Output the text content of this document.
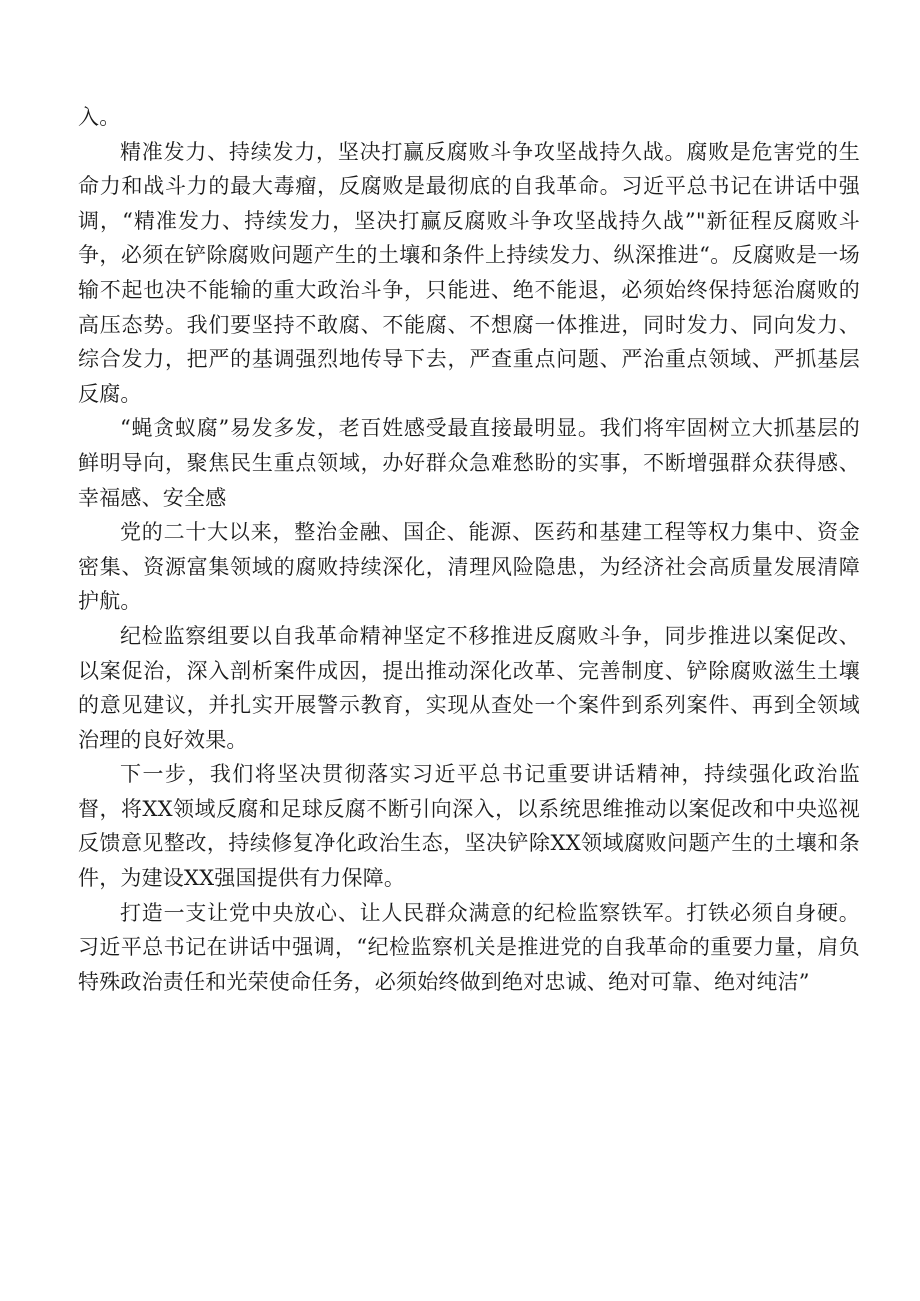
入。

精准发力、持续发力，坚决打赢反腐败斗争攻坚战持久战。腐败是危害党的生命力和战斗力的最大毒瘤，反腐败是最彻底的自我革命。习近平总书记在讲话中强调，“精准发力、持续发力，坚决打赢反腐败斗争攻坚战持久战”"新征程反腐败斗争，必须在铲除腐败问题产生的土壤和条件上持续发力、纵深推进“。反腐败是一场输不起也决不能输的重大政治斗争，只能进、绝不能退，必须始终保持惩治腐败的高压态势。我们要坚持不敢腐、不能腐、不想腐一体推进，同时发力、同向发力、综合发力，把严的基调强烈地传导下去，严查重点问题、严治重点领域、严抓基层反腐。

“蝇贪蚁腐”易发多发，老百姓感受最直接最明显。我们将牢固树立大抓基层的鲜明导向，聚焦民生重点领域，办好群众急难愁盼的实事，不断增强群众获得感、幸福感、安全感

党的二十大以来，整治金融、国企、能源、医药和基建工程等权力集中、资金密集、资源富集领域的腐败持续深化，清理风险隐患，为经济社会高质量发展清障护航。

纪检监察组要以自我革命精神坚定不移推进反腐败斗争，同步推进以案促改、以案促治，深入剖析案件成因，提出推动深化改革、完善制度、铲除腐败滋生土壤的意见建议，并扎实开展警示教育，实现从查处一个案件到系列案件、再到全领域治理的良好效果。

下一步，我们将坚决贯彻落实习近平总书记重要讲话精神，持续强化政治监督，将XX领域反腐和足球反腐不断引向深入，以系统思维推动以案促改和中央巡视反馈意见整改，持续修复净化政治生态，坚决铲除XX领域腐败问题产生的土壤和条件，为建设XX强国提供有力保障。

打造一支让党中央放心、让人民群众满意的纪检监察铁军。打铁必须自身硬。习近平总书记在讲话中强调，“纪检监察机关是推进党的自我革命的重要力量，肩负特殊政治责任和光荣使命任务，必须始终做到绝对忠诚、绝对可靠、绝对纯洁”
